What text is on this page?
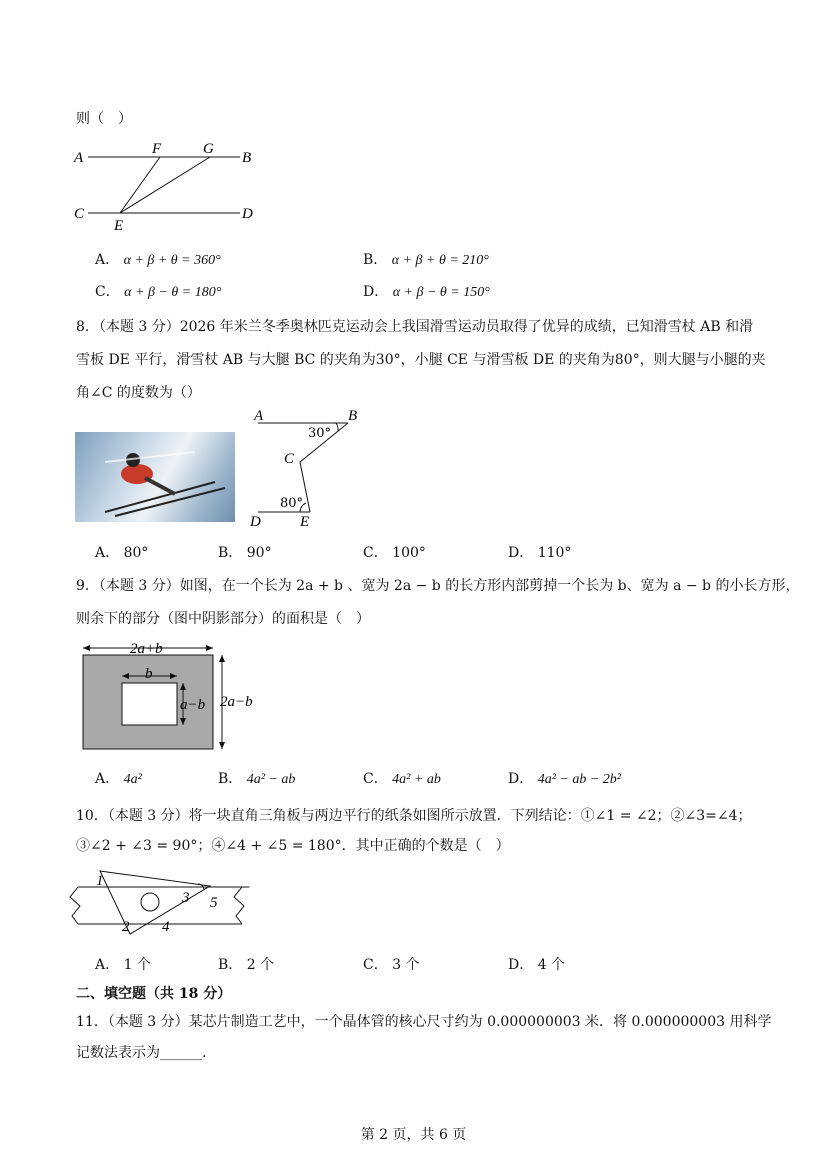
则（　）
A
F	G
B
C
E
D
A． α + β + θ = 360°	B． α + β + θ = 210°
C． α + β − θ = 180°	D． α + β − θ = 150°
8．（本题 3 分）2026 年米兰冬季奥林匹克运动会上我国滑雪运动员取得了优异的成绩，已知滑雪杖 AB 和滑
雪板 DE 平行，滑雪杖 AB 与大腿 BC 的夹角为30°，小腿 CE 与滑雪板 DE 的夹角为80°，则大腿与小腿的夹
角∠C 的度数为（）
A	B
30°
C
80°
D	E
A． 80°	B． 90°	C． 100°	D． 110°
9．（本题 3 分）如图，在一个长为 2a + b 、宽为 2a − b 的长方形内部剪掉一个长为 b、宽为 a − b 的小长方形，
则余下的部分（图中阴影部分）的面积是（　）
2a+b
b
a−b 2a−b
A． 4a²	B． 4a² − ab	C． 4a² + ab	D． 4a² − ab − 2b²
10．（本题 3 分）将一块直角三角板与两边平行的纸条如图所示放置．下列结论：①∠1 = ∠2；②∠3=∠4；
③∠2 + ∠3 = 90°；④∠4 + ∠5 = 180°．其中正确的个数是（　）
1
2
3
4
5
A． 1 个	B． 2 个	C． 3 个	D． 4 个
二、填空题（共 18 分）
11．（本题 3 分）某芯片制造工艺中，一个晶体管的核心尺寸约为 0.000000003 米．将 0.000000003 用科学
记数法表示为______.
第 2 页，共 6 页
